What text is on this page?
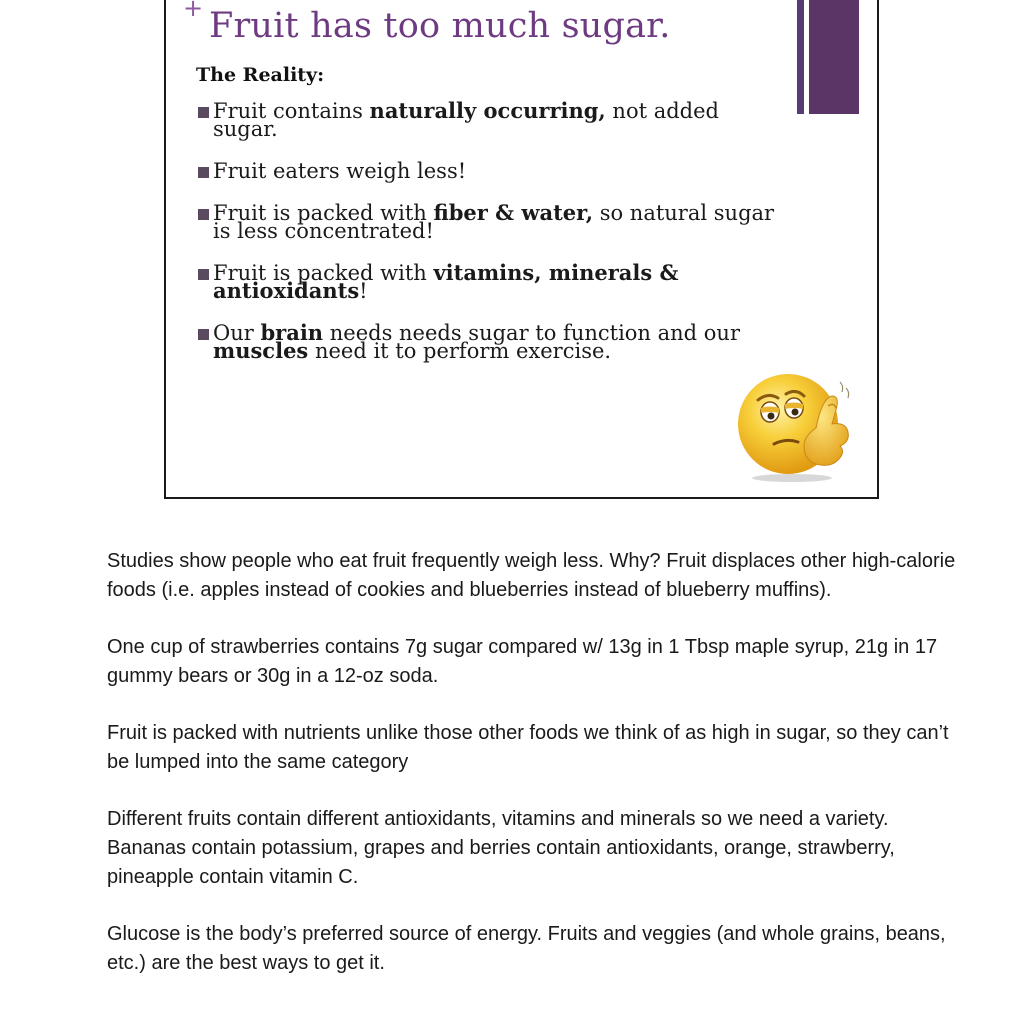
+ Fruit has too much sugar.
The Reality:
Fruit contains naturally occurring, not added sugar.
Fruit eaters weigh less!
Fruit is packed with fiber & water, so natural sugar is less concentrated!
Fruit is packed with vitamins, minerals & antioxidants!
Our brain needs needs sugar to function and our muscles need it to perform exercise.

Studies show people who eat fruit frequently weigh less. Why? Fruit displaces other high-calorie foods (i.e. apples instead of cookies and blueberries instead of blueberry muffins).

One cup of strawberries contains 7g sugar compared w/ 13g in 1 Tbsp maple syrup, 21g in 17 gummy bears or 30g in a 12-oz soda.

Fruit is packed with nutrients unlike those other foods we think of as high in sugar, so they can’t be lumped into the same category

Different fruits contain different antioxidants, vitamins and minerals so we need a variety. Bananas contain potassium, grapes and berries contain antioxidants, orange, strawberry, pineapple contain vitamin C.

Glucose is the body’s preferred source of energy. Fruits and veggies (and whole grains, beans, etc.) are the best ways to get it.
